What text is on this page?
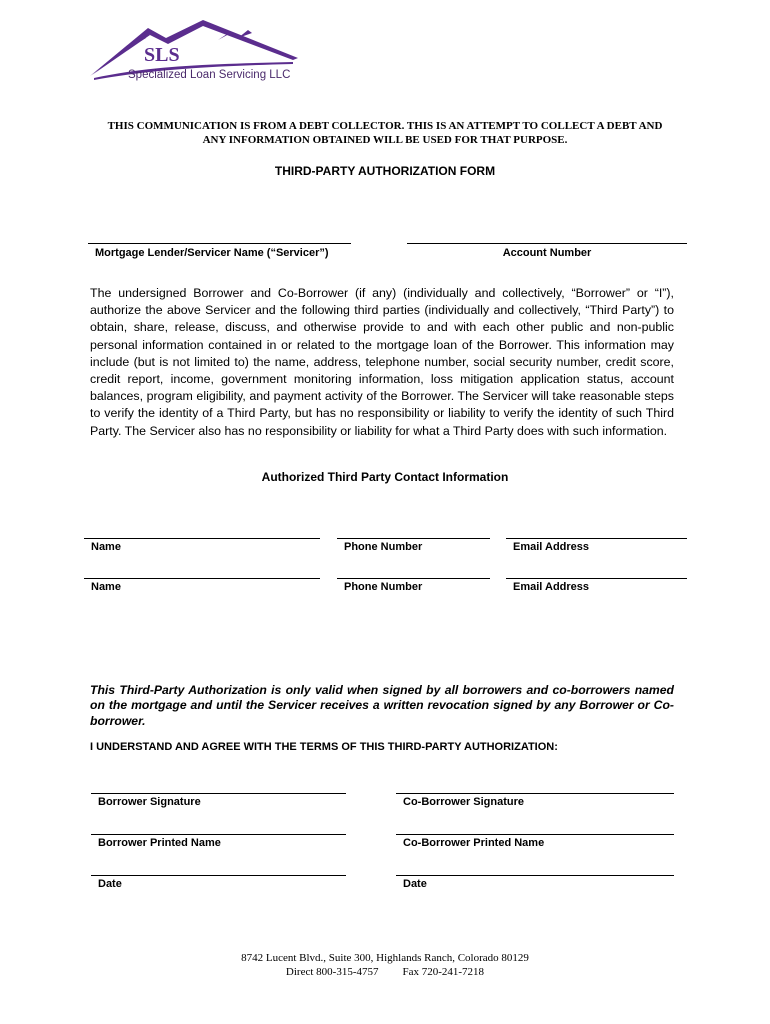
SLS
Specialized Loan Servicing LLC
THIS COMMUNICATION IS FROM A DEBT COLLECTOR. THIS IS AN ATTEMPT TO COLLECT A DEBT AND
ANY INFORMATION OBTAINED WILL BE USED FOR THAT PURPOSE.
THIRD-PARTY AUTHORIZATION FORM
Mortgage Lender/Servicer Name (“Servicer”)	Account Number
The undersigned Borrower and Co-Borrower (if any) (individually and collectively, “Borrower” or “I”), authorize the above Servicer and the following third parties (individually and collectively, “Third Party”) to obtain, share, release, discuss, and otherwise provide to and with each other public and non-public personal information contained in or related to the mortgage loan of the Borrower. This information may include (but is not limited to) the name, address, telephone number, social security number, credit score, credit report, income, government monitoring information, loss mitigation application status, account balances, program eligibility, and payment activity of the Borrower. The Servicer will take reasonable steps to verify the identity of a Third Party, but has no responsibility or liability to verify the identity of such Third Party. The Servicer also has no responsibility or liability for what a Third Party does with such information.
Authorized Third Party Contact Information
Name	Phone Number	Email Address
Name	Phone Number	Email Address
This Third-Party Authorization is only valid when signed by all borrowers and co-borrowers named on the mortgage and until the Servicer receives a written revocation signed by any Borrower or Co-borrower.
I UNDERSTAND AND AGREE WITH THE TERMS OF THIS THIRD-PARTY AUTHORIZATION:
Borrower Signature	Co-Borrower Signature
Borrower Printed Name	Co-Borrower Printed Name
Date	Date
8742 Lucent Blvd., Suite 300, Highlands Ranch, Colorado 80129
Direct 800-315-4757 Fax 720-241-7218
